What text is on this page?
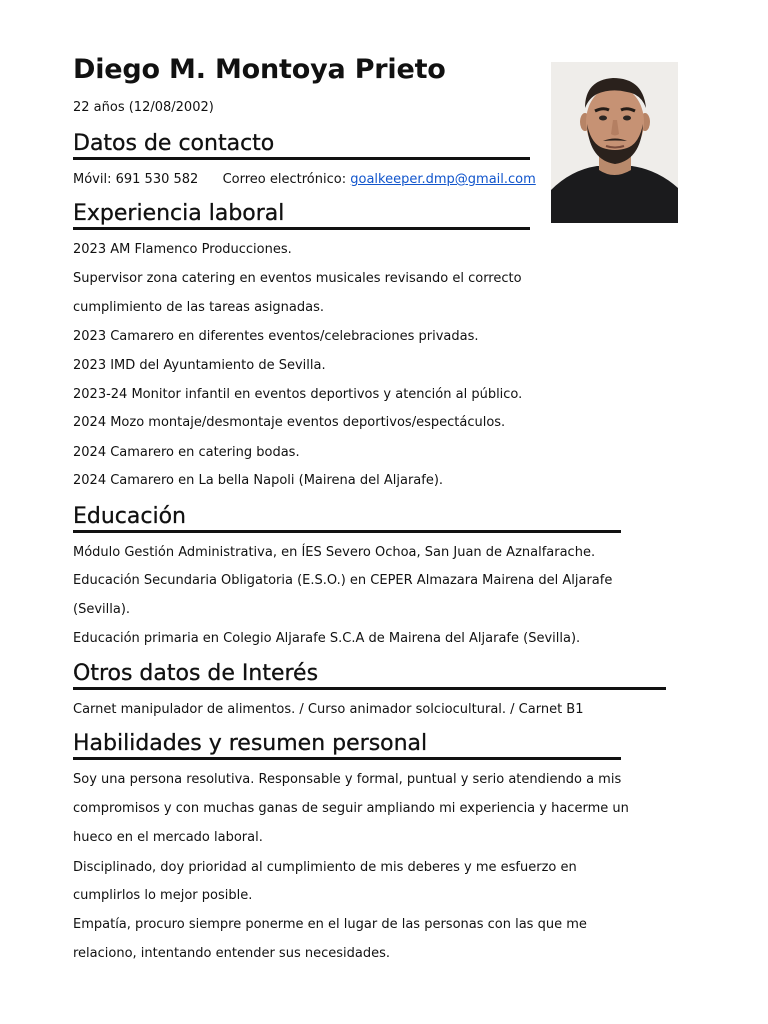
Diego M. Montoya Prieto
22 años (12/08/2002)
Datos de contacto
Móvil: 691 530 582 Correo electrónico: goalkeeper.dmp@gmail.com
Experiencia laboral
2023 AM Flamenco Producciones.
Supervisor zona catering en eventos musicales revisando el correcto
cumplimiento de las tareas asignadas.
2023 Camarero en diferentes eventos/celebraciones privadas.
2023 IMD del Ayuntamiento de Sevilla.
2023-24 Monitor infantil en eventos deportivos y atención al público.
2024 Mozo montaje/desmontaje eventos deportivos/espectáculos.
2024 Camarero en catering bodas.
2024 Camarero en La bella Napoli (Mairena del Aljarafe).
Educación
Módulo Gestión Administrativa, en ÍES Severo Ochoa, San Juan de Aznalfarache.
Educación Secundaria Obligatoria (E.S.O.) en CEPER Almazara Mairena del Aljarafe
(Sevilla).
Educación primaria en Colegio Aljarafe S.C.A de Mairena del Aljarafe (Sevilla).
Otros datos de Interés
Carnet manipulador de alimentos. / Curso animador solciocultural. / Carnet B1
Habilidades y resumen personal
Soy una persona resolutiva. Responsable y formal, puntual y serio atendiendo a mis
compromisos y con muchas ganas de seguir ampliando mi experiencia y hacerme un
hueco en el mercado laboral.
Disciplinado, doy prioridad al cumplimiento de mis deberes y me esfuerzo en
cumplirlos lo mejor posible.
Empatía, procuro siempre ponerme en el lugar de las personas con las que me
relaciono, intentando entender sus necesidades.
